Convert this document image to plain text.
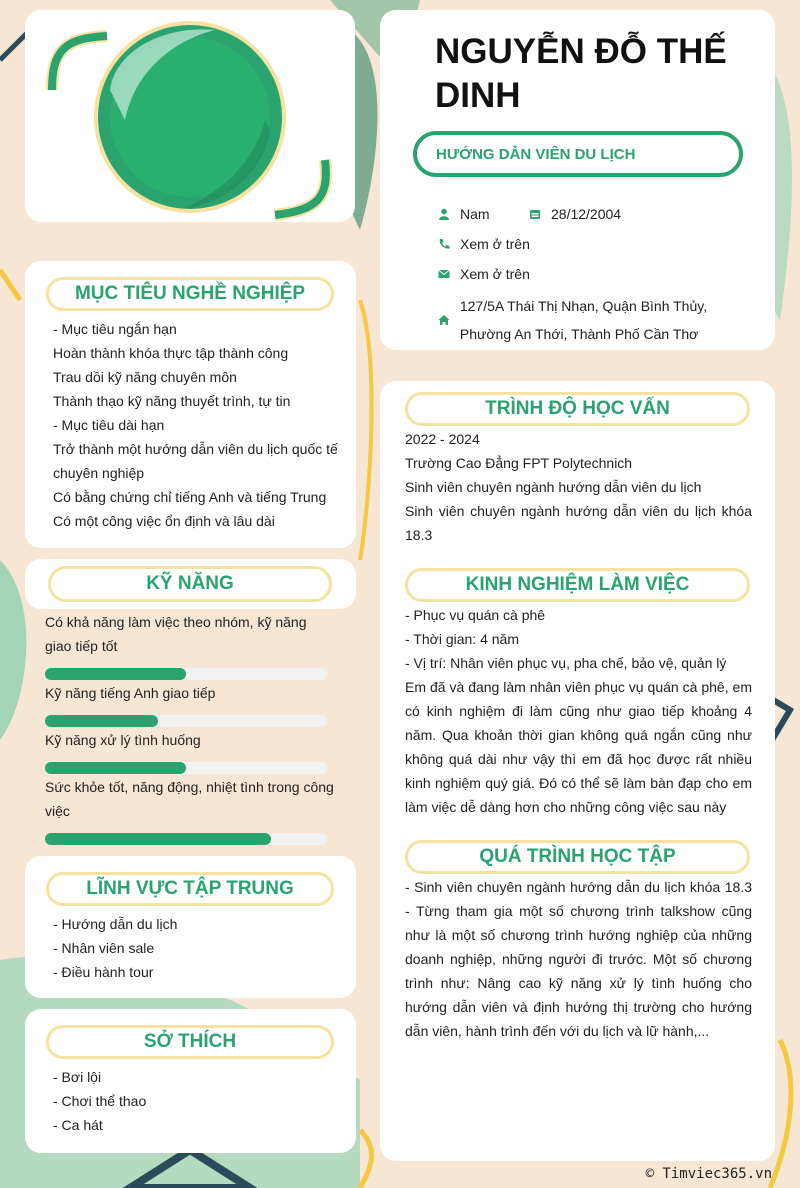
NGUYỄN ĐỖ THẾ DINH
HƯỚNG DẪN VIÊN DU LỊCH
Nam	28/12/2004
Xem ở trên
Xem ở trên
127/5A Thái Thị Nhạn, Quận Bình Thủy, Phường An Thới, Thành Phố Cần Thơ
MỤC TIÊU NGHỀ NGHIỆP
- Mục tiêu ngắn hạn
Hoàn thành khóa thực tập thành công
Trau dồi kỹ năng chuyên môn
Thành thạo kỹ năng thuyết trình, tự tin
- Mục tiêu dài hạn
Trở thành một hướng dẫn viên du lịch quốc tế chuyên nghiệp
Có bằng chứng chỉ tiếng Anh và tiếng Trung
Có một công việc ổn định và lâu dài
KỸ NĂNG
Có khả năng làm việc theo nhóm, kỹ năng giao tiếp tốt
Kỹ năng tiếng Anh giao tiếp
Kỹ năng xử lý tình huống
Sức khỏe tốt, năng động, nhiệt tình trong công việc
LĨNH VỰC TẬP TRUNG
- Hướng dẫn du lịch
- Nhân viên sale
- Điều hành tour
SỞ THÍCH
- Bơi lội
- Chơi thể thao
- Ca hát
TRÌNH ĐỘ HỌC VẤN
2022 - 2024
Trường Cao Đẳng FPT Polytechnich
Sinh viên chuyên ngành hướng dẫn viên du lịch
Sinh viên chuyên ngành hướng dẫn viên du lịch khóa 18.3
KINH NGHIỆM LÀM VIỆC
- Phục vụ quán cà phê
- Thời gian: 4 năm
- Vị trí: Nhân viên phục vụ, pha chế, bảo vệ, quản lý
Em đã và đang làm nhân viên phục vụ quán cà phê, em có kinh nghiệm đi làm cũng như giao tiếp khoảng 4 năm. Qua khoản thời gian không quá ngắn cũng như không quá dài như vậy thì em đã học được rất nhiều kinh nghiệm quý giá. Đó có thể sẽ làm bàn đạp cho em làm việc dễ dàng hơn cho những công việc sau này
QUÁ TRÌNH HỌC TẬP
- Sinh viên chuyên ngành hướng dẫn du lịch khóa 18.3 - Từng tham gia một số chương trình talkshow cũng như là một số chương trình hướng nghiệp của những doanh nghiệp, những người đi trước. Một số chương trình như: Nâng cao kỹ năng xử lý tình huống cho hướng dẫn viên và định hướng thị trường cho hướng dẫn viên, hành trình đến với du lịch và lữ hành,...
© Timviec365.vn
